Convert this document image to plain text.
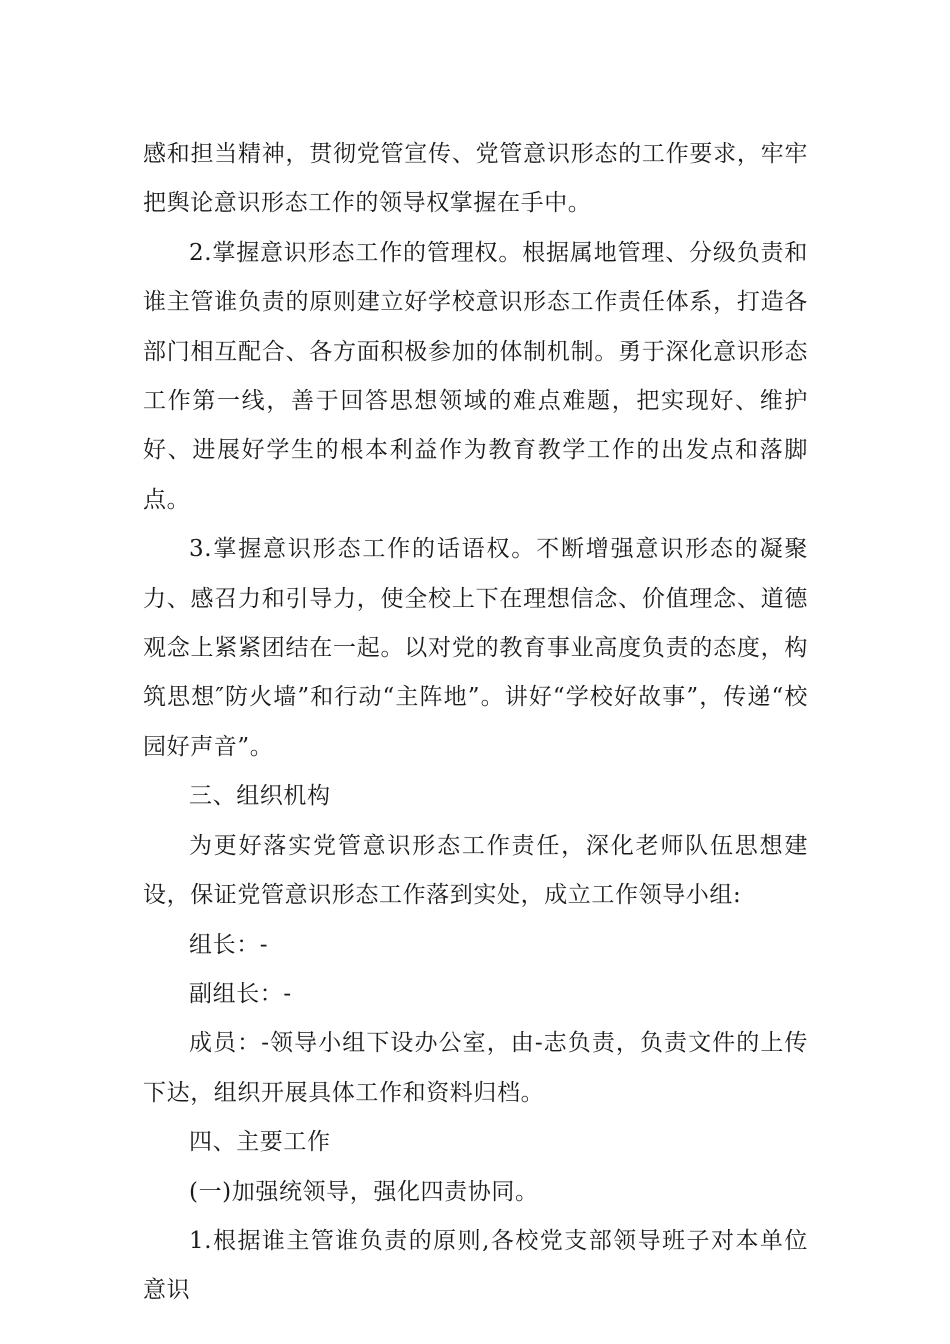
感和担当精神，贯彻党管宣传、党管意识形态的工作要求，牢牢把舆论意识形态工作的领导权掌握在手中。

2.掌握意识形态工作的管理权。根据属地管理、分级负责和谁主管谁负责的原则建立好学校意识形态工作责任体系，打造各部门相互配合、各方面积极参加的体制机制。勇于深化意识形态工作第一线，善于回答思想领域的难点难题，把实现好、维护好、进展好学生的根本利益作为教育教学工作的出发点和落脚点。

3.掌握意识形态工作的话语权。不断增强意识形态的凝聚力、感召力和引导力，使全校上下在理想信念、价值理念、道德观念上紧紧团结在一起。以对党的教育事业高度负责的态度，构筑思想″防火墙”和行动“主阵地”。讲好“学校好故事”，传递“校园好声音”。

三、组织机构

为更好落实党管意识形态工作责任，深化老师队伍思想建设，保证党管意识形态工作落到实处，成立工作领导小组:

组长：-

副组长：-

成员：-领导小组下设办公室，由-志负责，负责文件的上传下达，组织开展具体工作和资料归档。

四、主要工作

(一)加强统领导，强化四责协同。

1.根据谁主管谁负责的原则,各校党支部领导班子对本单位意识
